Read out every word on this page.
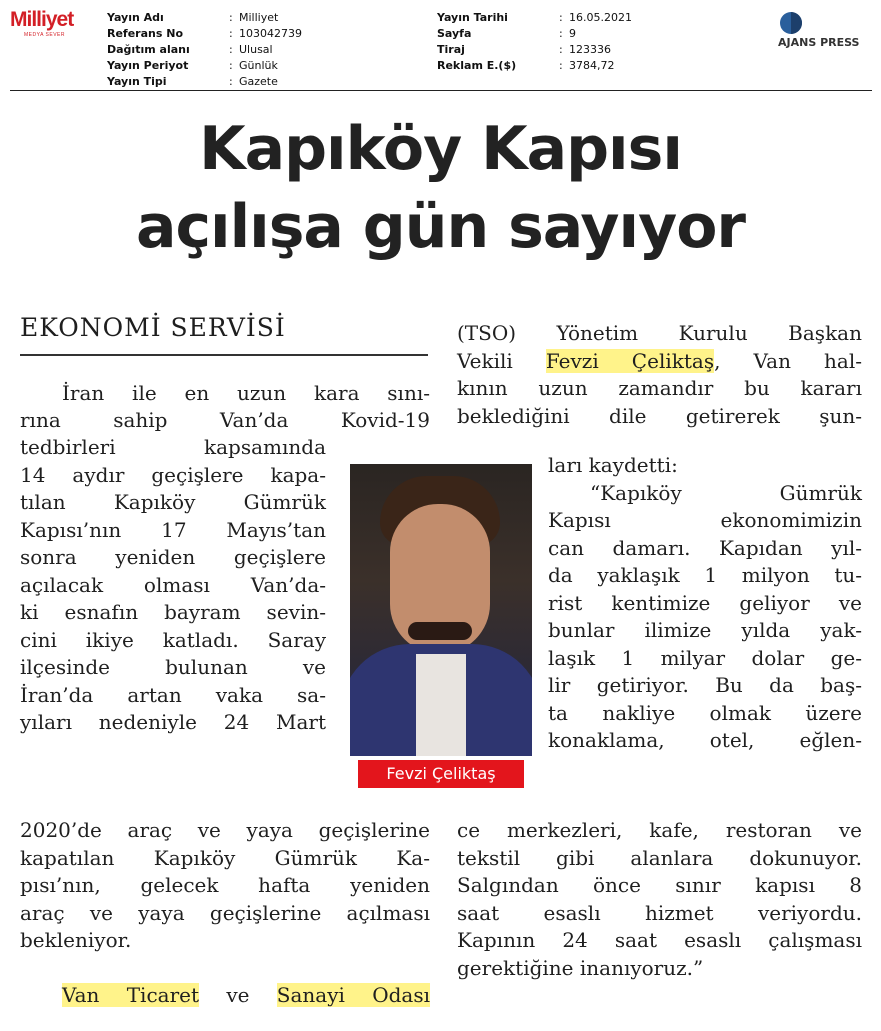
Milliyet
MEDYA SEVER
Yayın Adı	: Milliyet
Referans No	: 103042739
Dağıtım alanı	: Ulusal
Yayın Periyot	: Günlük
Yayın Tipi	: Gazete
Yayın Tarihi	: 16.05.2021
Sayfa	: 9
Tiraj	: 123336
Reklam E.($)	: 3784,72
AJANS PRESS
Kapıköy Kapısı
açılışa gün sayıyor
EKONOMİ SERVİSİ
İran ile en uzun kara sını-
rına sahip Van’da Kovid-19
tedbirleri kapsamında
14 aydır geçişlere kapa-
tılan Kapıköy Gümrük
Kapısı’nın 17 Mayıs’tan
sonra yeniden geçişlere
açılacak olması Van’da-
ki esnafın bayram sevin-
cini ikiye katladı. Saray
ilçesinde bulunan ve
İran’da artan vaka sa-
yıları nedeniyle 24 Mart
2020’de araç ve yaya geçişlerine
kapatılan Kapıköy Gümrük Ka-
pısı’nın, gelecek hafta yeniden
araç ve yaya geçişlerine açılması
bekleniyor.
Van Ticaret ve Sanayi Odası
Fevzi Çeliktaş
(TSO) Yönetim Kurulu Başkan
Vekili Fevzi Çeliktaş, Van hal-
kının uzun zamandır bu kararı
beklediğini dile getirerek şun-
ları kaydetti:
“Kapıköy Gümrük
Kapısı ekonomimizin
can damarı. Kapıdan yıl-
da yaklaşık 1 milyon tu-
rist kentimize geliyor ve
bunlar ilimize yılda yak-
laşık 1 milyar dolar ge-
lir getiriyor. Bu da baş-
ta nakliye olmak üzere
konaklama, otel, eğlen-
ce merkezleri, kafe, restoran ve
tekstil gibi alanlara dokunuyor.
Salgından önce sınır kapısı 8
saat esaslı hizmet veriyordu.
Kapının 24 saat esaslı çalışması
gerektiğine inanıyoruz.”
